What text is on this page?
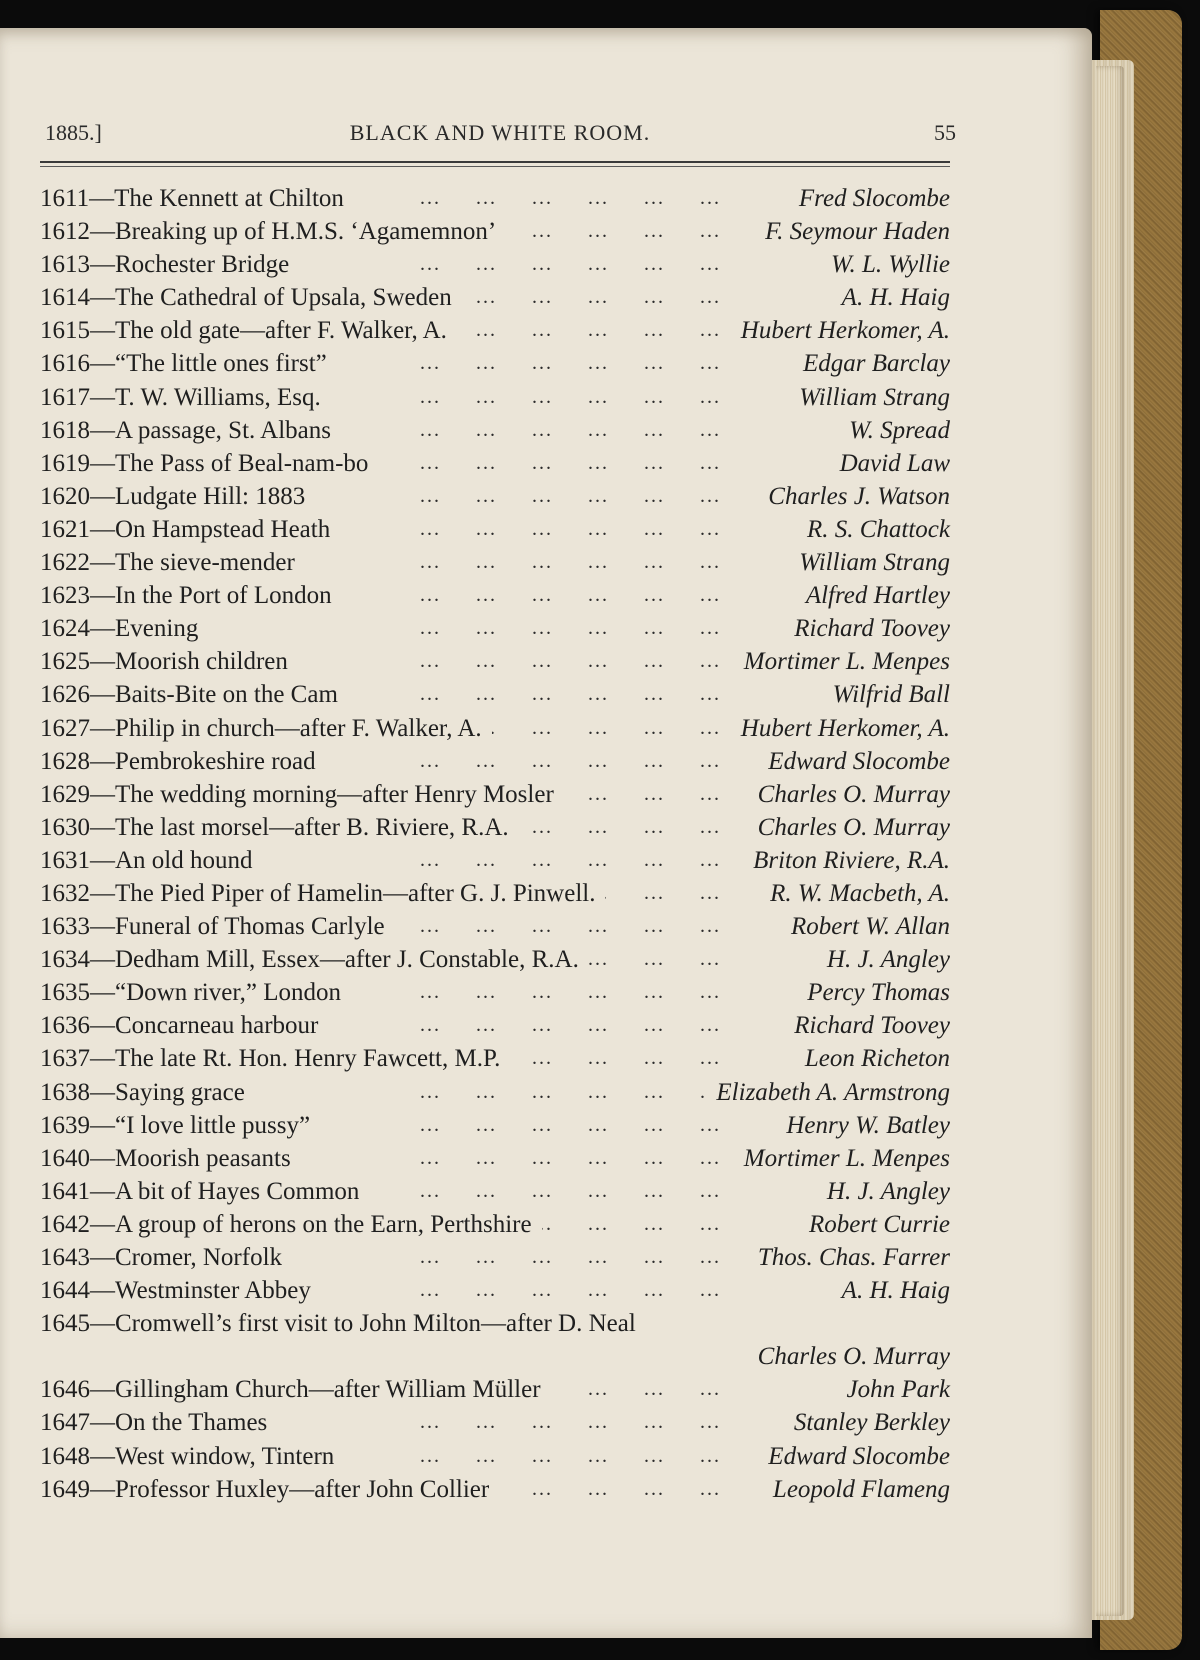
1885.]	BLACK AND WHITE ROOM.	55
...
1611—The Kennett at Chilton	Fred Slocombe
...
1612—Breaking up of H.M.S. ‘Agamemnon’	F. Seymour Haden
...
1613—Rochester Bridge	W. L. Wyllie
...
1614—The Cathedral of Upsala, Sweden	A. H. Haig
...
1615—The old gate—after F. Walker, A.	Hubert Herkomer, A.
...
1616—“The little ones first”	Edgar Barclay
...
1617—T. W. Williams, Esq.	William Strang
...
1618—A passage, St. Albans	W. Spread
...
1619—The Pass of Beal-nam-bo	David Law
...
1620—Ludgate Hill: 1883	Charles J. Watson
...
1621—On Hampstead Heath	R. S. Chattock
...
1622—The sieve-mender	William Strang
...
1623—In the Port of London	Alfred Hartley
...
1624—Evening	Richard Toovey
...
1625—Moorish children	Mortimer L. Menpes
...
1626—Baits-Bite on the Cam	Wilfrid Ball
...
1627—Philip in church—after F. Walker, A.	Hubert Herkomer, A.
...
1628—Pembrokeshire road	Edward Slocombe
...
1629—The wedding morning—after Henry Mosler	Charles O. Murray
...
1630—The last morsel—after B. Riviere, R.A.	Charles O. Murray
...
1631—An old hound	Briton Riviere, R.A.
...
1632—The Pied Piper of Hamelin—after G. J. Pinwell.	R. W. Macbeth, A.
...
1633—Funeral of Thomas Carlyle	Robert W. Allan
...
1634—Dedham Mill, Essex—after J. Constable, R.A.	H. J. Angley
...
1635—“Down river,” London	Percy Thomas
...
1636—Concarneau harbour	Richard Toovey
...
1637—The late Rt. Hon. Henry Fawcett, M.P.	Leon Richeton
...
1638—Saying grace	Elizabeth A. Armstrong
...
1639—“I love little pussy”	Henry W. Batley
...
1640—Moorish peasants	Mortimer L. Menpes
...
1641—A bit of Hayes Common	H. J. Angley
...
1642—A group of herons on the Earn, Perthshire	Robert Currie
...
1643—Cromer, Norfolk	Thos. Chas. Farrer
...
1644—Westminster Abbey	A. H. Haig
1645—Cromwell’s first visit to John Milton—after D. Neal
Charles O. Murray
...
1646—Gillingham Church—after William Müller	John Park
...
1647—On the Thames	Stanley Berkley
...
1648—West window, Tintern	Edward Slocombe
...
1649—Professor Huxley—after John Collier	Leopold Flameng
